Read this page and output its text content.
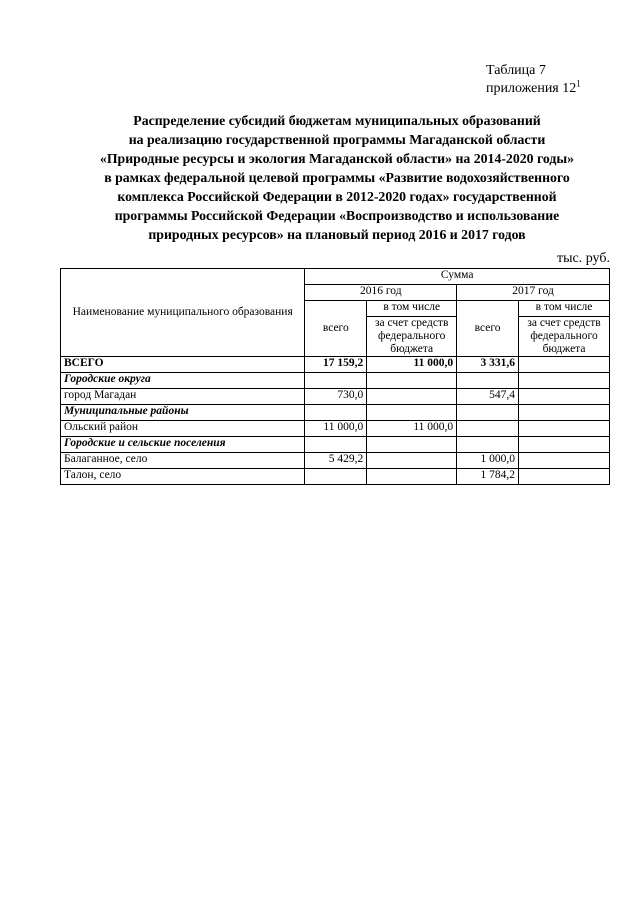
Таблица 7
приложения $12^1$
Распределение субсидий бюджетам муниципальных образований
на реализацию государственной программы Магаданской области
«Природные ресурсы и экология Магаданской области» на 2014-2020 годы»
в рамках федеральной целевой программы «Развитие водохозяйственного
комплекса Российской Федерации в 2012-2020 годах» государственной
программы Российской Федерации «Воспроизводство и использование
природных ресурсов» на плановый период 2016 и 2017 годов
тыс. руб.
Наименование муниципального образования	Сумма			
	2016 год		2017 год	
	всего	в том числе	всего	в том числе
		за счет средств федерального бюджета		за счет средств федерального бюджета
ВСЕГО	17 159,2	11 000,0	3 331,6	
Городские округа				
город Магадан	730,0		547,4	
Муниципальные районы				
Ольский район	11 000,0	11 000,0		
Городские и сельские поселения				
Балаганное, село	5 429,2		1 000,0	
Талон, село			1 784,2	
